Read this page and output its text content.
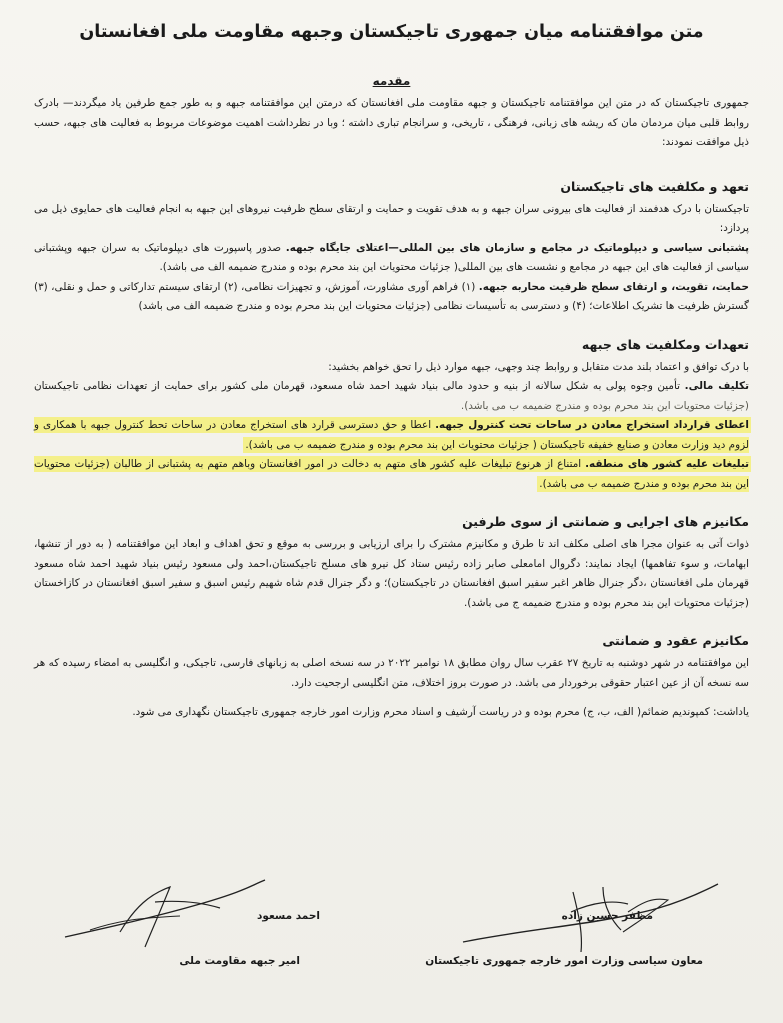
متن موافقتنامه میان جمهوری تاجیکستان وجبهه مقاومت ملی افغانستان
مقدمه

جمهوری تاجیکستان که در متن این موافقتنامه تاجیکستان و جبهه مقاومت ملی افغانستان که درمتن این موافقتنامه جبهه و به طور جمع طرفین یاد میگردند— بادرک روابط قلبی میان مردمان مان که ریشه های زبانی، فرهنگی ، تاریخی، و سرانجام تباری داشته ؛ وبا در نظرداشت اهمیت موضوعات مربوط به فعالیت های جبهه، حسب ذیل موافقت نمودند:

تعهد و مکلفیت های تاجیکستان

تاجیکستان با درک هدفمند از فعالیت های بیرونی سران جبهه و به هدف تقویت و حمایت و ارتقای سطح ظرفیت نیروهای این جبهه به انجام فعالیت های حمایوی ذیل می پردازد:

پشتبانی سیاسی و دیپلوماتیک در مجامع و سازمان های بین المللی—اعتلای جایگاه جبهه. صدور پاسپورت های دیپلوماتیک به سران جبهه وپشتبانی سیاسی از فعالیت های این جبهه در مجامع و نشست های بین المللی( جزئیات محتویات این بند محرم بوده و مندرج ضمیمه الف می باشد).

حمایت، تقویت، و ارتقای سطح ظرفیت محاربه جبهه. (۱) فراهم آوری مشاورت، آموزش، و تجهیزات نظامی، (۲) ارتقای سیستم تدارکاتی و حمل و نقلی، (۳) گسترش ظرفیت ها تشریک اطلاعات؛ (۴) و دسترسی به تأسیسات نظامی (جزئیات محتویات این بند محرم بوده و مندرج ضمیمه الف می باشد)

تعهدات ومکلفیت های جبهه

با درک توافق و اعتماد بلند مدت متقابل و روابط چند وجهی، جبهه موارد ذیل را تحق خواهم بخشید:

تکلیف مالی. تأمین وجوه پولی به شکل سالانه از بنیه و حدود مالی بنیاد شهید احمد شاه مسعود، قهرمان ملی کشور برای حمایت از تعهدات نظامی تاجیکستان (جزئیات محتویات این بند محرم بوده و مندرج ضمیمه ب می باشد).

اعطای قرارداد استخراج معادن در ساحات تحت کنترول جبهه. اعطا و حق دسترسی قرارد های استخراج معادن در ساحات تحط کنترول جبهه با همکاری و لزوم دید وزارت معادن و صنایع خفیفه تاجیکستان ( جزئیات محتویات این بند محرم بوده و مندرج ضمیمه ب می باشد).

تبلیغات علیه کشور های منطقه. امتناع از هرنوع تبلیغات علیه کشور های متهم به دخالت در امور افغانستان وباهم متهم به پشتبانی از طالبان (جزئیات محتویات این بند محرم بوده و مندرج ضمیمه ب می باشد).

مکانیزم های اجرایی و ضمانتی از سوی طرفین

ذوات آتی به عنوان مجرا های اصلی مکلف اند تا طرق و مکانیزم مشترک را برای ارزیابی و بررسی به موقع و تحق اهداف و ابعاد این موافقتنامه ( به دور از تنشها، ابهامات، و سوء تفاهمها) ایجاد نمایند: دگروال امامعلی صابر زاده رئیس ستاد کل نیرو های مسلح تاجیکستان،احمد ولی مسعود رئیس بنیاد شهید احمد شاه مسعود قهرمان ملی افغانستان ،دگر جنرال ظاهر اغبر سفیر اسبق افغانستان در تاجیکستان)؛ و دگر جنرال قدم شاه شهیم رئیس اسبق و سفیر اسبق افغانستان در کازاخستان (جزئیات محتویات این بند محرم بوده و مندرج ضمیمه ج می باشد).

مکانیزم عقود و ضمانتی

این موافقتنامه در شهر دوشنبه به تاریخ ۲۷ عقرب سال روان مطابق ۱۸ نوامبر ۲۰۲۲ در سه نسخه اصلی به زبانهای فارسی، تاجیکی، و انگلیسی به امضاء رسیده که هر سه نسخه آن از عین اعتبار حقوقی برخوردار می باشد. در صورت بروز اختلاف، متن انگلیسی ارجحیت دارد.

یاداشت: کمپوندیم ضمائم( الف، ب، ج) محرم بوده و در ریاست آرشیف و اسناد محرم وزارت امور خارجه جمهوری تاجیکستان نگهداری می شود.

مظفر حسین زاده
معاون سیاسی وزارت امور خارجه جمهوری تاجیکستان
احمد مسعود
امیر جبهه مقاومت ملی
